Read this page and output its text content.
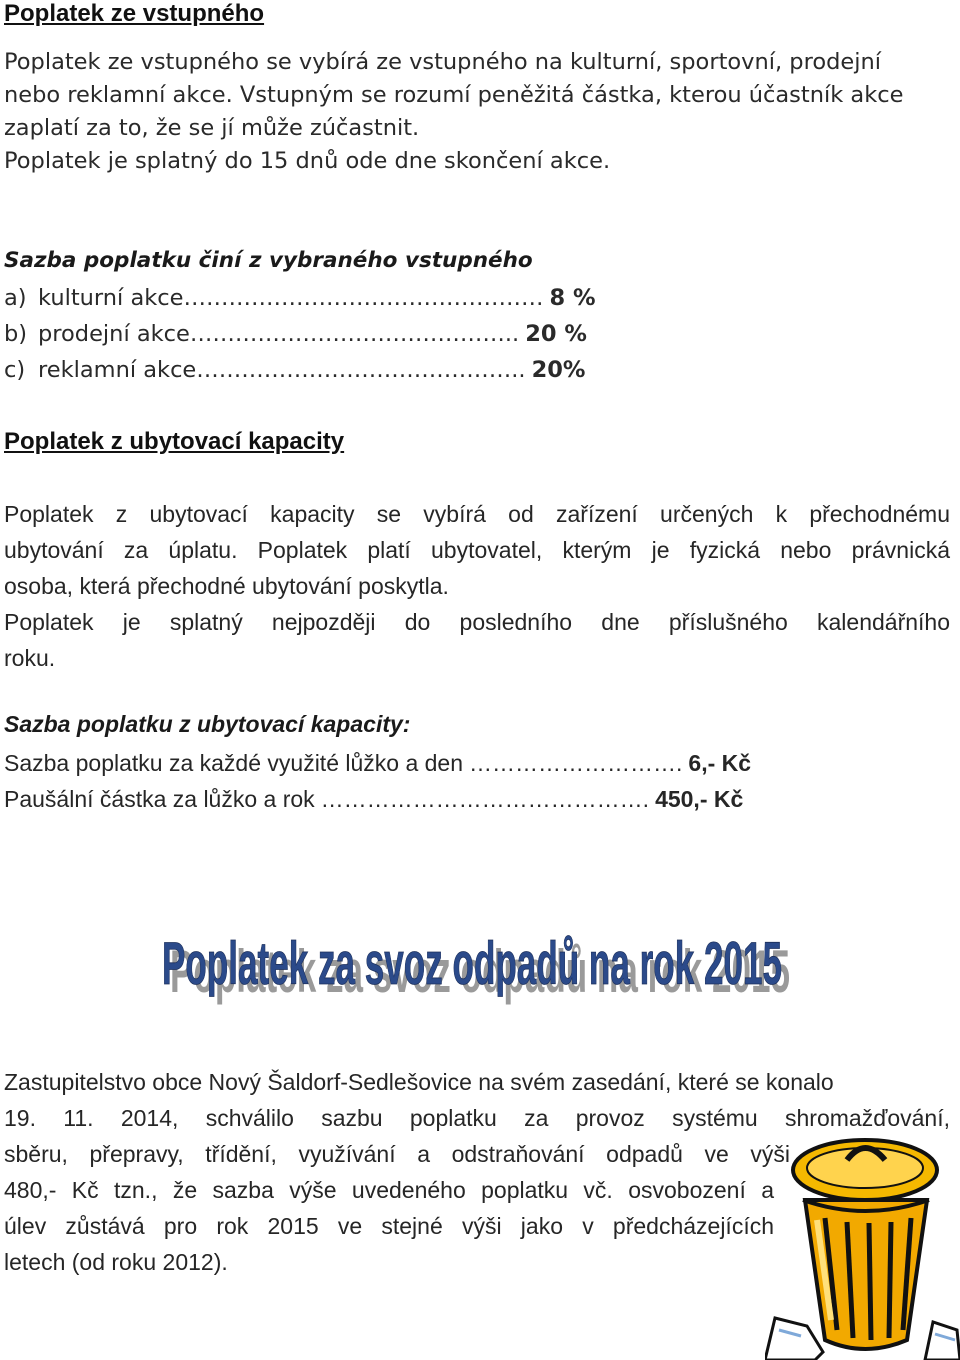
Poplatek ze vstupného
Poplatek ze vstupného se vybírá ze vstupného na kulturní, sportovní, prodejní
nebo reklamní akce. Vstupným se rozumí peněžitá částka, kterou účastník akce
zaplatí za to, že se jí může zúčastnit.
Poplatek je splatný do 15 dnů ode dne skončení akce.
Sazba poplatku činí z vybraného vstupného
a) kulturní akce ………………………………………… 8 %
b) prodejní akce …………………………………….. 20 %
c) reklamní akce …………………………………….. 20%
Poplatek z ubytovací kapacity
Poplatek z ubytovací kapacity se vybírá od zařízení určených k přechodnému
ubytování za úplatu. Poplatek platí ubytovatel, kterým je fyzická nebo právnická
osoba, která přechodné ubytování poskytla.
Poplatek je splatný nejpozději do posledního dne příslušného kalendářního
roku.
Sazba poplatku z ubytovací kapacity:
Sazba poplatku za každé využité lůžko a den ………………………. 6,- Kč
Paušální částka za lůžko a rok ……………………………………. 450,- Kč
Poplatek za svoz odpadů na rok 2015
Poplatek za svoz odpadů na rok 2015
Zastupitelstvo obce Nový Šaldorf-Sedlešovice na svém zasedání, které se konalo
19. 11. 2014, schválilo sazbu poplatku za provoz systému shromažďování,
sběru, přepravy, třídění, využívání a odstraňování odpadů ve výši
480,- Kč tzn., že sazba výše uvedeného poplatku vč. osvobození a
úlev zůstává pro rok 2015 ve stejné výši jako v předcházejících
letech (od roku 2012).
